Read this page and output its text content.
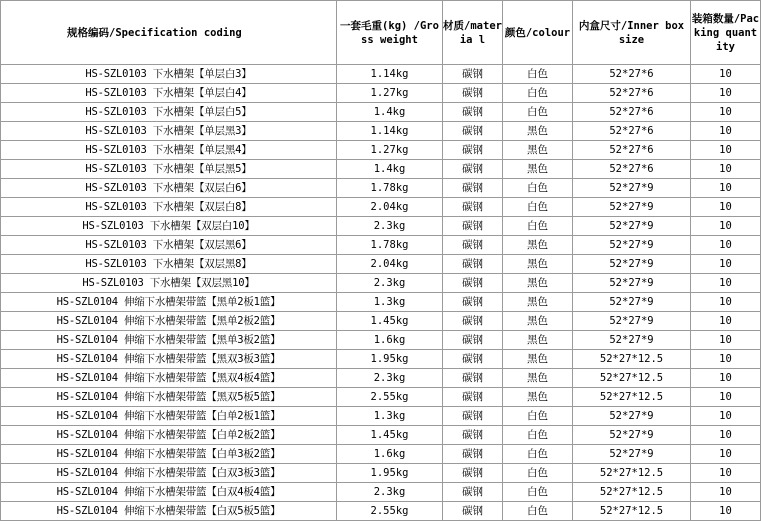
规格编码/Specification coding	一套毛重(kg) /Gross weight	材质/materia l	颜色/colour	内盒尺寸/Inner box size	装箱数量/Packing quantity
HS-SZL0103 下水槽架【单层白3】	1.14kg	碳钢	白色	52*27*6	10
HS-SZL0103 下水槽架【单层白4】	1.27kg	碳钢	白色	52*27*6	10
HS-SZL0103 下水槽架【单层白5】	1.4kg	碳钢	白色	52*27*6	10
HS-SZL0103 下水槽架【单层黑3】	1.14kg	碳钢	黑色	52*27*6	10
HS-SZL0103 下水槽架【单层黑4】	1.27kg	碳钢	黑色	52*27*6	10
HS-SZL0103 下水槽架【单层黑5】	1.4kg	碳钢	黑色	52*27*6	10
HS-SZL0103 下水槽架【双层白6】	1.78kg	碳钢	白色	52*27*9	10
HS-SZL0103 下水槽架【双层白8】	2.04kg	碳钢	白色	52*27*9	10
HS-SZL0103 下水槽架【双层白10】	2.3kg	碳钢	白色	52*27*9	10
HS-SZL0103 下水槽架【双层黑6】	1.78kg	碳钢	黑色	52*27*9	10
HS-SZL0103 下水槽架【双层黑8】	2.04kg	碳钢	黑色	52*27*9	10
HS-SZL0103 下水槽架【双层黑10】	2.3kg	碳钢	黑色	52*27*9	10
HS-SZL0104 伸缩下水槽架带篮【黑单2板1篮】	1.3kg	碳钢	黑色	52*27*9	10
HS-SZL0104 伸缩下水槽架带篮【黑单2板2篮】	1.45kg	碳钢	黑色	52*27*9	10
HS-SZL0104 伸缩下水槽架带篮【黑单3板2篮】	1.6kg	碳钢	黑色	52*27*9	10
HS-SZL0104 伸缩下水槽架带篮【黑双3板3篮】	1.95kg	碳钢	黑色	52*27*12.5	10
HS-SZL0104 伸缩下水槽架带篮【黑双4板4篮】	2.3kg	碳钢	黑色	52*27*12.5	10
HS-SZL0104 伸缩下水槽架带篮【黑双5板5篮】	2.55kg	碳钢	黑色	52*27*12.5	10
HS-SZL0104 伸缩下水槽架带篮【白单2板1篮】	1.3kg	碳钢	白色	52*27*9	10
HS-SZL0104 伸缩下水槽架带篮【白单2板2篮】	1.45kg	碳钢	白色	52*27*9	10
HS-SZL0104 伸缩下水槽架带篮【白单3板2篮】	1.6kg	碳钢	白色	52*27*9	10
HS-SZL0104 伸缩下水槽架带篮【白双3板3篮】	1.95kg	碳钢	白色	52*27*12.5	10
HS-SZL0104 伸缩下水槽架带篮【白双4板4篮】	2.3kg	碳钢	白色	52*27*12.5	10
HS-SZL0104 伸缩下水槽架带篮【白双5板5篮】	2.55kg	碳钢	白色	52*27*12.5	10
